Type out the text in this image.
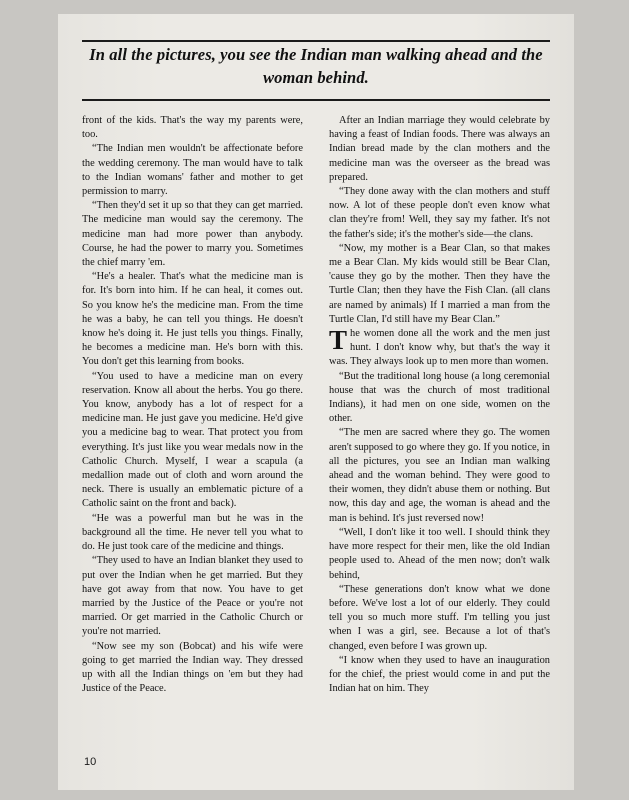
In all the pictures, you see the Indian man walking ahead and the woman behind.

front of the kids. That's the way my parents were, too.

“The Indian men wouldn't be affectionate before the wedding ceremony. The man would have to talk to the Indian womans' father and mother to get permission to marry.

“Then they'd set it up so that they can get married. The medicine man would say the ceremony. The medicine man had more power than anybody. Course, he had the power to marry you. Sometimes the chief marry 'em.

“He's a healer. That's what the medicine man is for. It's born into him. If he can heal, it comes out. So you know he's the medicine man. From the time he was a baby, he can tell you things. He doesn't know he's doing it. He just tells you things. Finally, he becomes a medicine man. He's born with this. You don't get this learning from books.

“You used to have a medicine man on every reservation. Know all about the herbs. You go there. You know, anybody has a lot of respect for a medicine man. He just gave you medicine. He'd give you a medicine bag to wear. That protect you from everything. It's just like you wear medals now in the Catholic Church. Myself, I wear a scapula (a medallion made out of cloth and worn around the neck. There is usually an emblematic picture of a Catholic saint on the front and back).

“He was a powerful man but he was in the background all the time. He never tell you what to do. He just took care of the medicine and things.

“They used to have an Indian blanket they used to put over the Indian when he get married. But they have got away from that now. You have to get married by the Justice of the Peace or you're not married. Or get married in the Catholic Church or you're not married.

“Now see my son (Bobcat) and his wife were going to get married the Indian way. They dressed up with all the Indian things on 'em but they had Justice of the Peace.

After an Indian marriage they would celebrate by having a feast of Indian foods. There was always an Indian bread made by the clan mothers and the medicine man was the overseer as the bread was prepared.

“They done away with the clan mothers and stuff now. A lot of these people don't even know what clan they're from! Well, they say my father. It's not the father's side; it's the mother's side—the clans.

“Now, my mother is a Bear Clan, so that makes me a Bear Clan. My kids would still be Bear Clan, 'cause they go by the mother. Then they have the Turtle Clan; then they have the Fish Clan. (all clans are named by animals) If I married a man from the Turtle Clan, I'd still have my Bear Clan.”

The women done all the work and the men just hunt. I don't know why, but that's the way it was. They always look up to men more than women.

“But the traditional long house (a long ceremonial house that was the church of most traditional Indians), it had men on one side, women on the other.

“The men are sacred where they go. The women aren't supposed to go where they go. If you notice, in all the pictures, you see an Indian man walking ahead and the woman behind. They were good to their women, they didn't abuse them or nothing. But now, this day and age, the woman is ahead and the man is behind. It's just reversed now!

“Well, I don't like it too well. I should think they have more respect for their men, like the old Indian people used to. Ahead of the men now; don't walk behind,

“These generations don't know what we done before. We've lost a lot of our elderly. They could tell you so much more stuff. I'm telling you just when I was a girl, see. Because a lot of that's changed, even before I was grown up.

“I know when they used to have an inauguration for the chief, the priest would come in and put the Indian hat on him. They

10
